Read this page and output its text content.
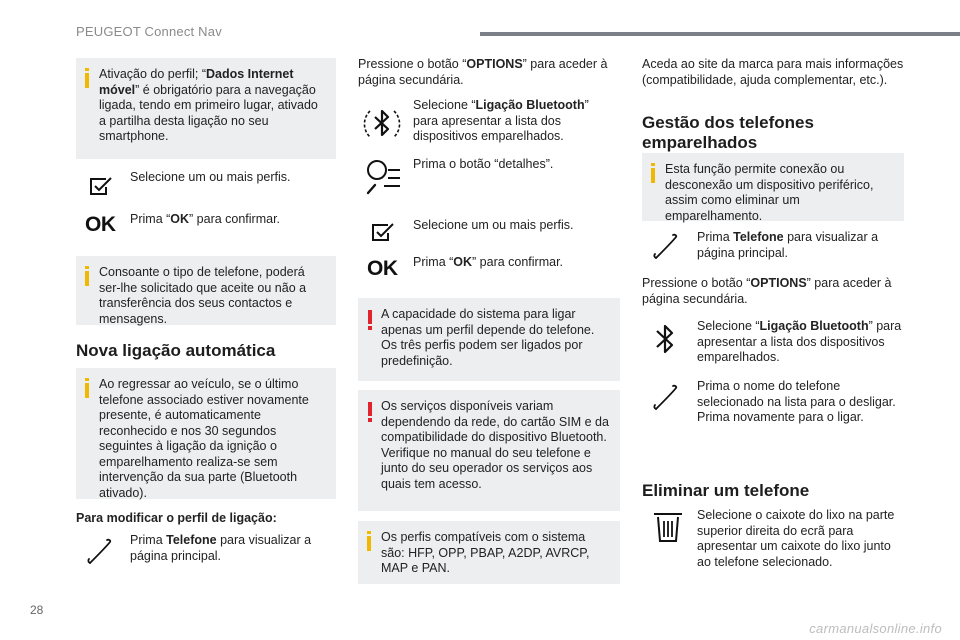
PEUGEOT Connect Nav
Ativação do perfil; “Dados Internet móvel” é obrigatório para a navegação ligada, tendo em primeiro lugar, ativado a partilha desta ligação no seu smartphone.
Selecione um ou mais perfis.
OK Prima “OK” para confirmar.
Consoante o tipo de telefone, poderá ser-lhe solicitado que aceite ou não a transferência dos seus contactos e mensagens.
Nova ligação automática
Ao regressar ao veículo, se o último telefone associado estiver novamente presente, é automaticamente reconhecido e nos 30 segundos seguintes à ligação da ignição o emparelhamento realiza-se sem intervenção da sua parte (Bluetooth ativado).
Para modificar o perfil de ligação:
Prima Telefone para visualizar a página principal.
Pressione o botão “OPTIONS” para aceder à página secundária.
Selecione “Ligação Bluetooth” para apresentar a lista dos dispositivos emparelhados.
Prima o botão “detalhes”.
Selecione um ou mais perfis.
OK Prima “OK” para confirmar.
A capacidade do sistema para ligar apenas um perfil depende do telefone. Os três perfis podem ser ligados por predefinição.
Os serviços disponíveis variam dependendo da rede, do cartão SIM e da compatibilidade do dispositivo Bluetooth. Verifique no manual do seu telefone e junto do seu operador os serviços aos quais tem acesso.
Os perfis compatíveis com o sistema são: HFP, OPP, PBAP, A2DP, AVRCP, MAP e PAN.
Aceda ao site da marca para mais informações (compatibilidade, ajuda complementar, etc.).
Gestão dos telefones emparelhados
Esta função permite conexão ou desconexão um dispositivo periférico, assim como eliminar um emparelhamento.
Prima Telefone para visualizar a página principal.
Pressione o botão “OPTIONS” para aceder à página secundária.
Selecione “Ligação Bluetooth” para apresentar a lista dos dispositivos emparelhados.
Prima o nome do telefone selecionado na lista para o desligar. Prima novamente para o ligar.
Eliminar um telefone
Selecione o caixote do lixo na parte superior direita do ecrã para apresentar um caixote do lixo junto ao telefone selecionado.
28
carmanualsonline.info
